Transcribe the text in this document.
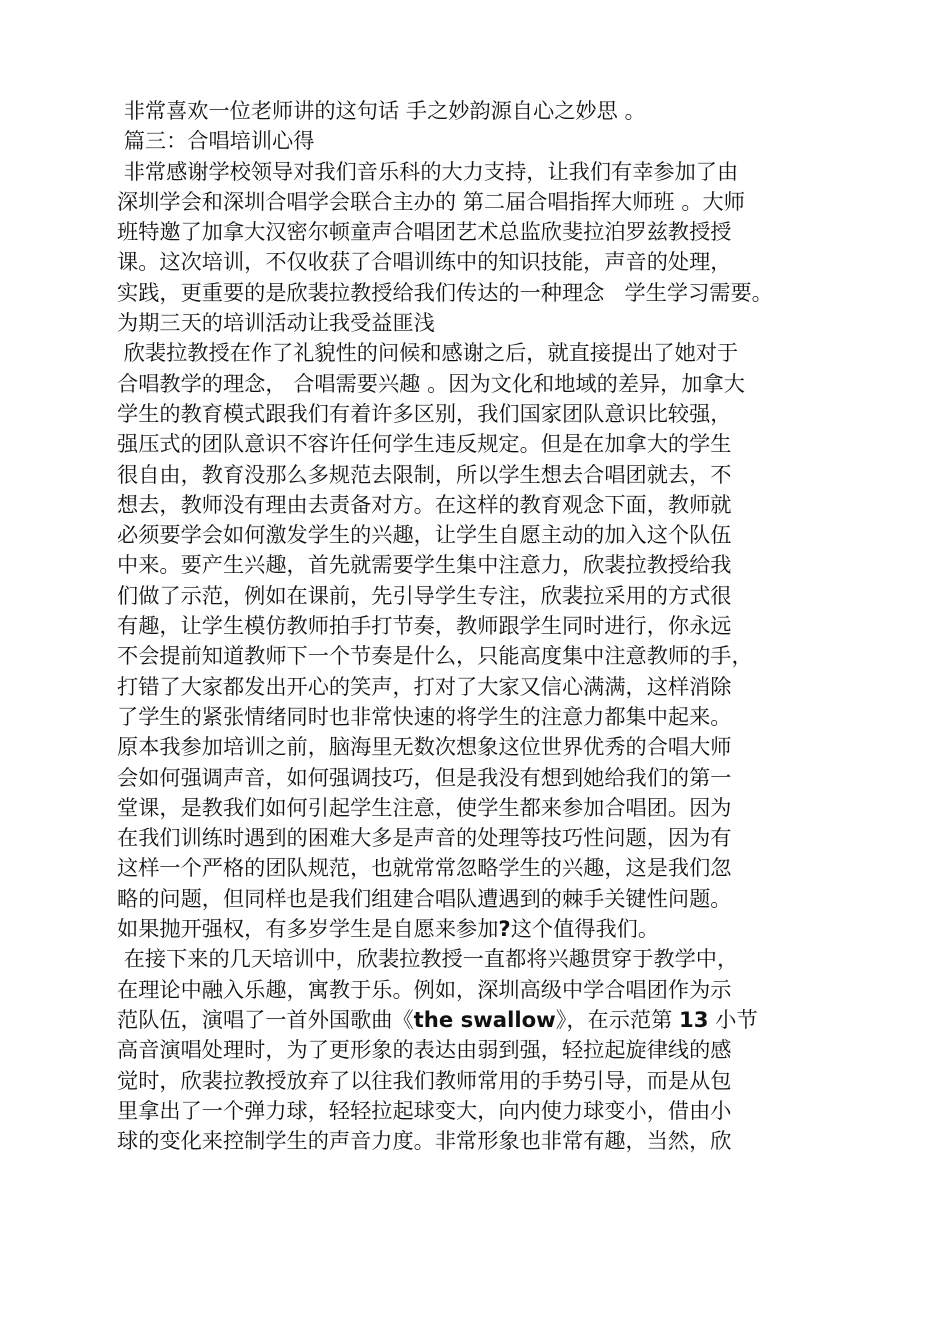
非常喜欢一位老师讲的这句话 手之妙韵源自心之妙思 。
篇三：合唱培训心得
非常感谢学校领导对我们音乐科的大力支持，让我们有幸参加了由
深圳学会和深圳合唱学会联合主办的 第二届合唱指挥大师班 。大师
班特邀了加拿大汉密尔顿童声合唱团艺术总监欣斐拉泊罗兹教授授
课。这次培训，不仅收获了合唱训练中的知识技能，声音的处理，
实践，更重要的是欣裴拉教授给我们传达的一种理念   学生学习需要。
为期三天的培训活动让我受益匪浅
欣裴拉教授在作了礼貌性的问候和感谢之后，就直接提出了她对于
合唱教学的理念， 合唱需要兴趣 。因为文化和地域的差异，加拿大
学生的教育模式跟我们有着许多区别，我们国家团队意识比较强，
强压式的团队意识不容许任何学生违反规定。但是在加拿大的学生
很自由，教育没那么多规范去限制，所以学生想去合唱团就去，不
想去，教师没有理由去责备对方。在这样的教育观念下面，教师就
必须要学会如何激发学生的兴趣，让学生自愿主动的加入这个队伍
中来。要产生兴趣，首先就需要学生集中注意力，欣裴拉教授给我
们做了示范，例如在课前，先引导学生专注，欣裴拉采用的方式很
有趣，让学生模仿教师拍手打节奏，教师跟学生同时进行，你永远
不会提前知道教师下一个节奏是什么，只能高度集中注意教师的手，
打错了大家都发出开心的笑声，打对了大家又信心满满，这样消除
了学生的紧张情绪同时也非常快速的将学生的注意力都集中起来。
原本我参加培训之前，脑海里无数次想象这位世界优秀的合唱大师
会如何强调声音，如何强调技巧，但是我没有想到她给我们的第一
堂课，是教我们如何引起学生注意，使学生都来参加合唱团。因为
在我们训练时遇到的困难大多是声音的处理等技巧性问题，因为有
这样一个严格的团队规范，也就常常忽略学生的兴趣，这是我们忽
略的问题，但同样也是我们组建合唱队遭遇到的棘手关键性问题。
如果抛开强权，有多岁学生是自愿来参加?这个值得我们。
在接下来的几天培训中，欣裴拉教授一直都将兴趣贯穿于教学中，
在理论中融入乐趣，寓教于乐。例如，深圳高级中学合唱团作为示
范队伍，演唱了一首外国歌曲《the swallow》，在示范第 13 小节
高音演唱处理时，为了更形象的表达由弱到强，轻拉起旋律线的感
觉时，欣裴拉教授放弃了以往我们教师常用的手势引导，而是从包
里拿出了一个弹力球，轻轻拉起球变大，向内使力球变小，借由小
球的变化来控制学生的声音力度。非常形象也非常有趣，当然，欣
